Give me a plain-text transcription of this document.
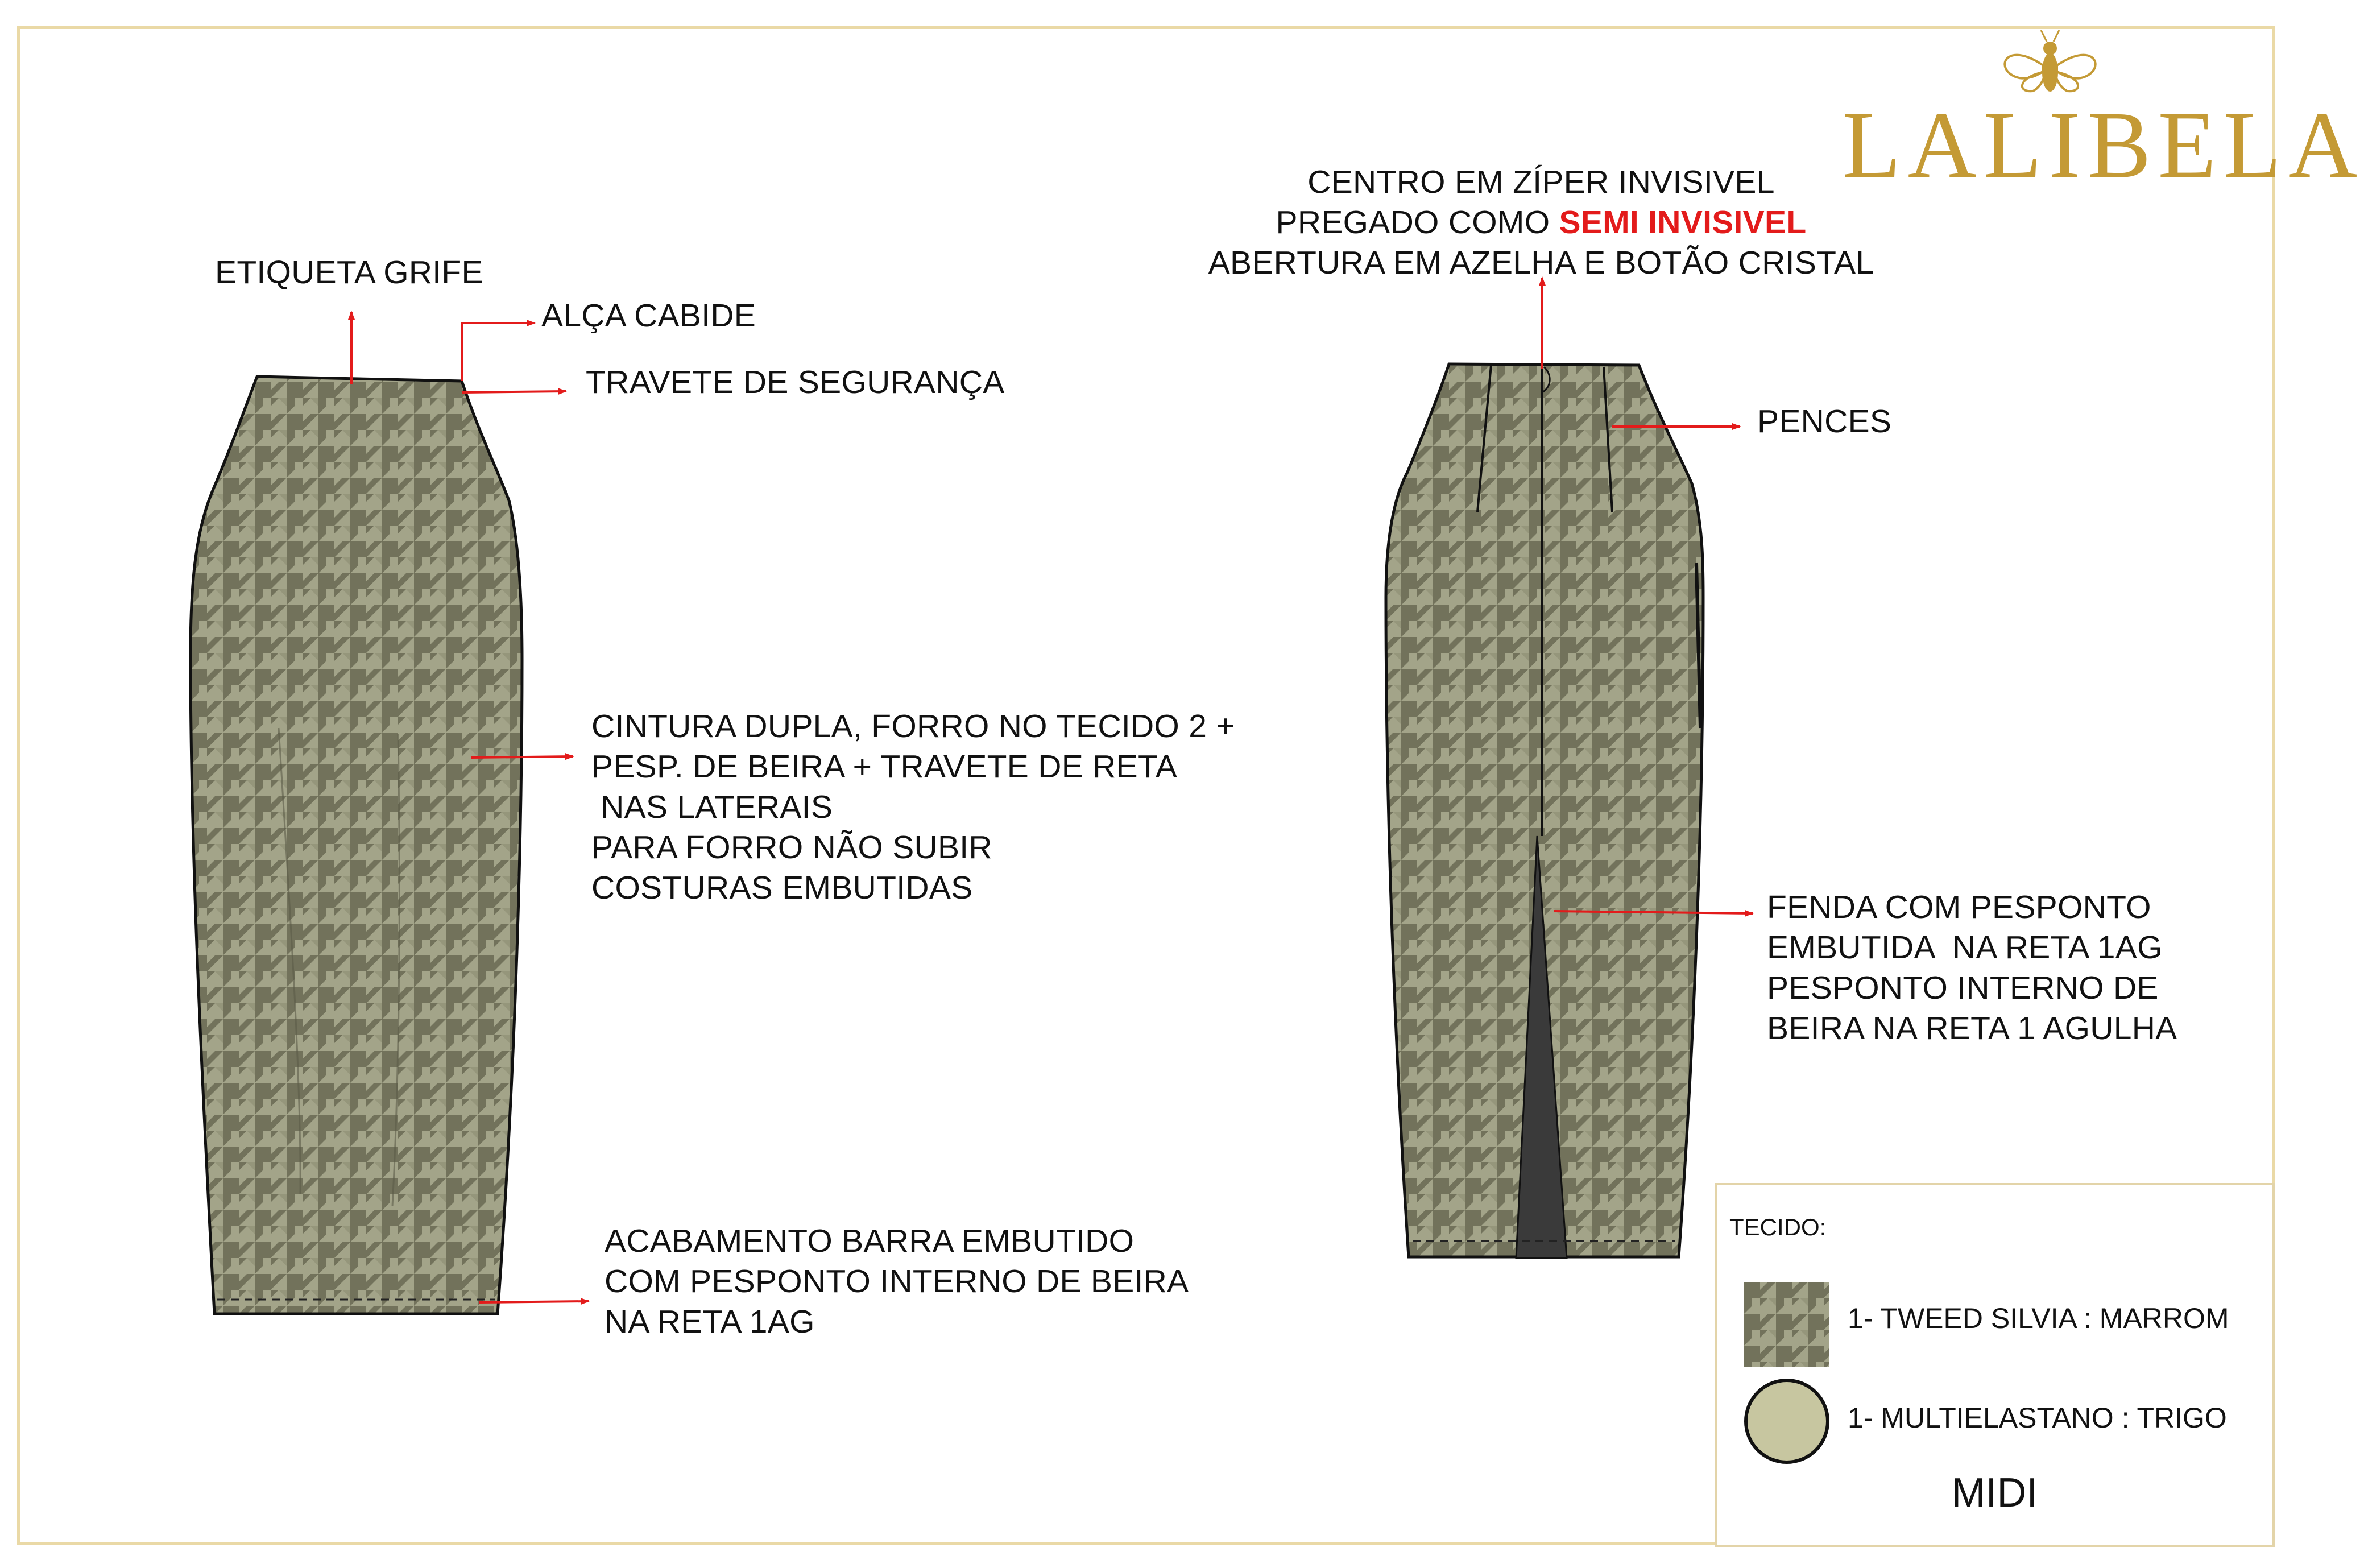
LALIBELA
ETIQUETA GRIFE
ALÇA CABIDE
TRAVETE DE SEGURANÇA
CINTURA DUPLA, FORRO NO TECIDO 2 +
PESP. DE BEIRA + TRAVETE DE RETA
NAS LATERAIS
PARA FORRO NÃO SUBIR
COSTURAS EMBUTIDAS
ACABAMENTO BARRA EMBUTIDO
COM PESPONTO INTERNO DE BEIRA
NA RETA 1AG
CENTRO EM ZÍPER INVISIVEL
PREGADO COMO SEMI INVISIVEL
ABERTURA EM AZELHA E BOTÃO CRISTAL
PENCES
FENDA COM PESPONTO
EMBUTIDA  NA RETA 1AG
PESPONTO INTERNO DE
BEIRA NA RETA 1 AGULHA
TECIDO:
1- TWEED SILVIA : MARROM
1- MULTIELASTANO : TRIGO
MIDI
